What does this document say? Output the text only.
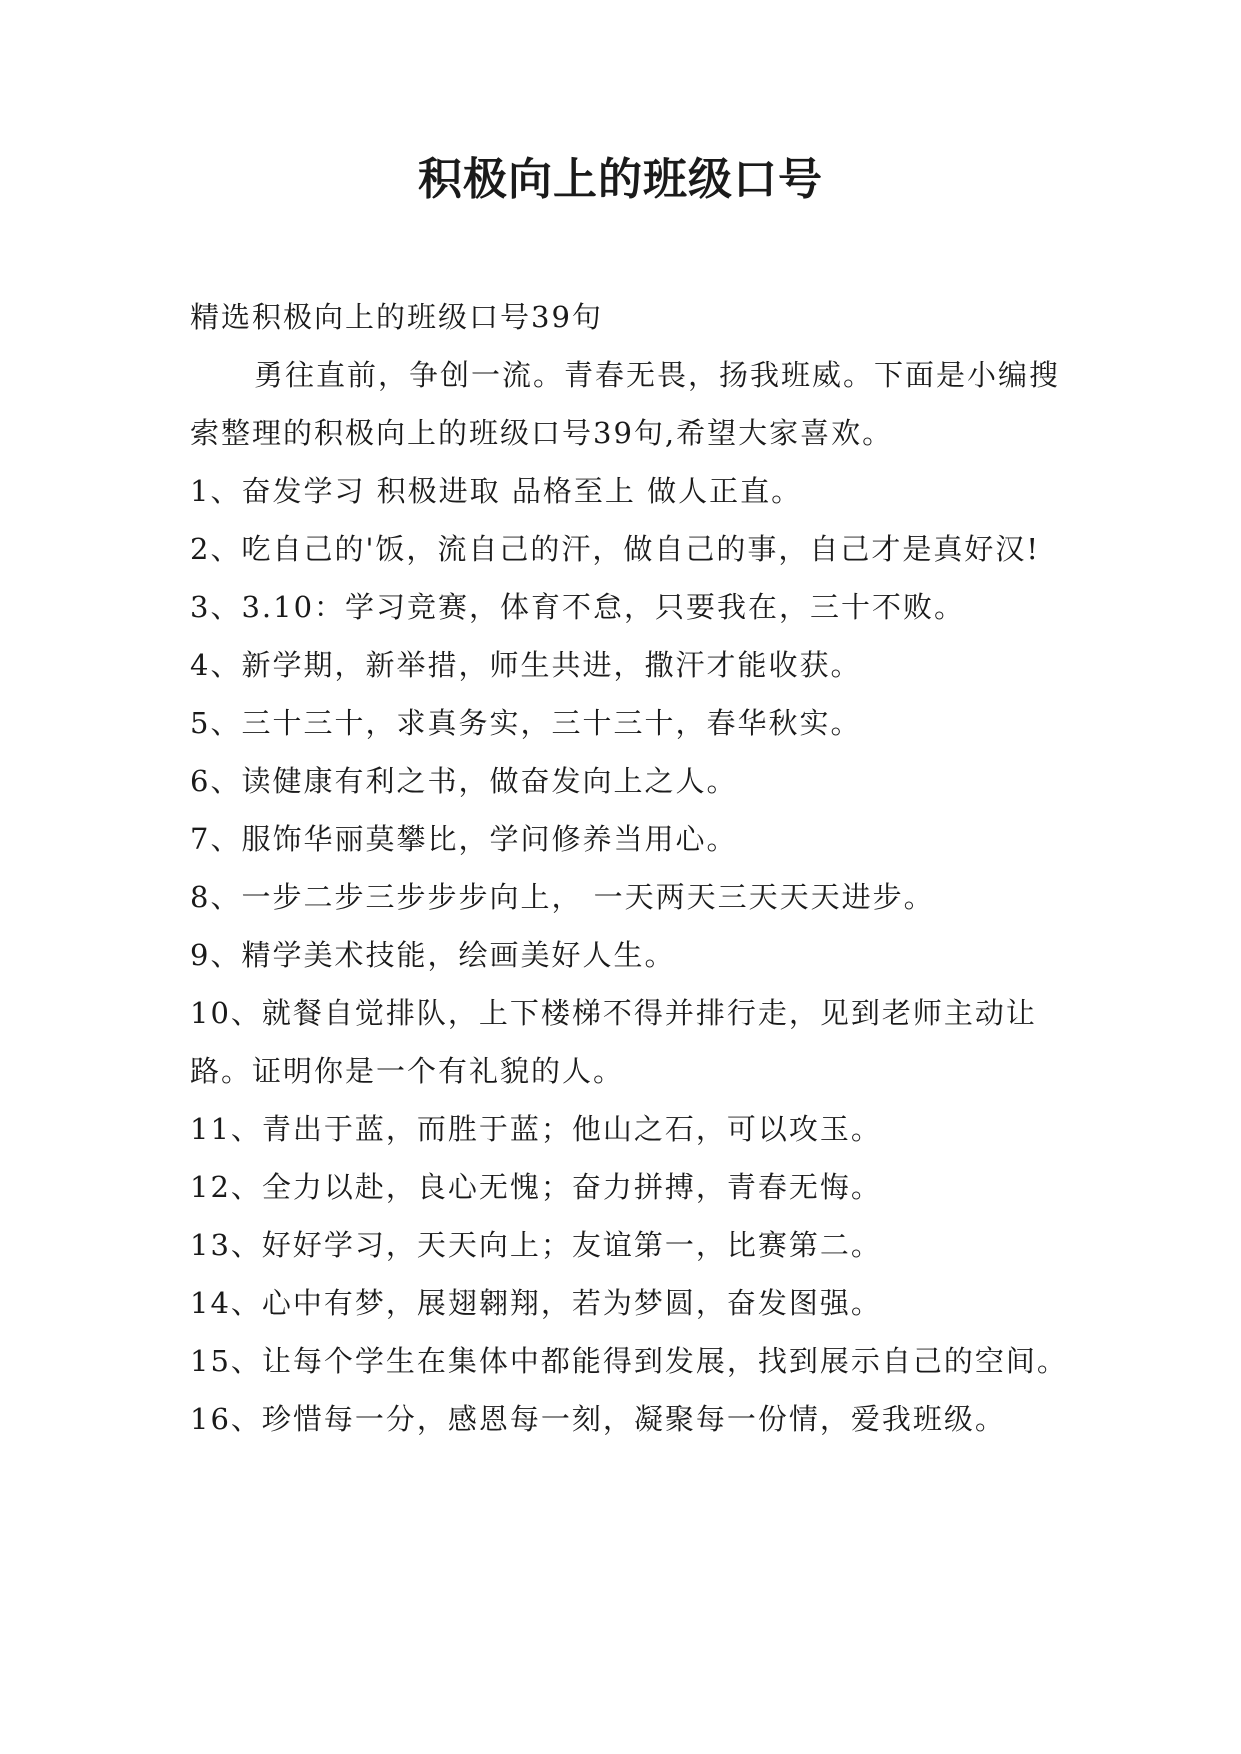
积极向上的班级口号

精选积极向上的班级口号39句

勇往直前，争创一流。青春无畏，扬我班威。下面是小编搜索整理的积极向上的班级口号39句,希望大家喜欢。

1、奋发学习 积极进取 品格至上 做人正直。

2、吃自己的'饭，流自己的汗，做自己的事，自己才是真好汉!

3、3.10：学习竞赛，体育不怠，只要我在，三十不败。

4、新学期，新举措，师生共进，撒汗才能收获。

5、三十三十，求真务实，三十三十，春华秋实。

6、读健康有利之书，做奋发向上之人。

7、服饰华丽莫攀比，学问修养当用心。

8、一步二步三步步步向上， 一天两天三天天天进步。

9、精学美术技能，绘画美好人生。

10、就餐自觉排队，上下楼梯不得并排行走，见到老师主动让路。证明你是一个有礼貌的人。

11、青出于蓝，而胜于蓝；他山之石，可以攻玉。

12、全力以赴，良心无愧；奋力拼搏，青春无悔。

13、好好学习，天天向上；友谊第一，比赛第二。

14、心中有梦，展翅翱翔，若为梦圆，奋发图强。

15、让每个学生在集体中都能得到发展，找到展示自己的空间。

16、珍惜每一分，感恩每一刻，凝聚每一份情，爱我班级。
